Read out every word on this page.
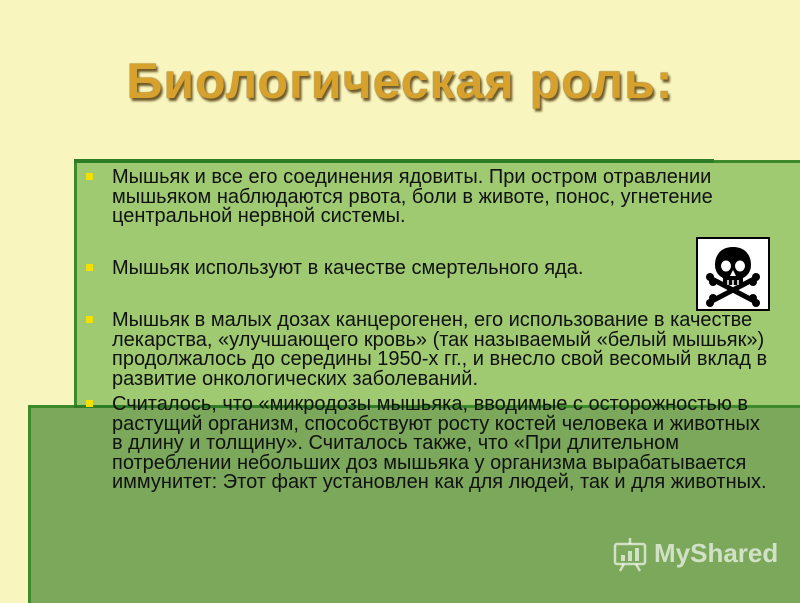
Биологическая роль:
Мышьяк и все его соединения ядовиты. При остром отравлении мышьяком наблюдаются рвота, боли в животе, понос, угнетение центральной нервной системы.
Мышьяк используют в качестве смертельного яда.
Мышьяк в малых дозах канцерогенен, его использование в качестве лекарства, «улучшающего кровь» (так называемый «белый мышьяк») продолжалось до середины 1950-х гг., и внесло свой весомый вклад в развитие онкологических заболеваний.
Считалось, что «микродозы мышьяка, вводимые с осторожностью в растущий организм, способствуют росту костей человека и животных в длину и толщину». Считалось также, что «При длительном потреблении небольших доз мышьяка у организма вырабатывается иммунитет: Этот факт установлен как для людей, так и для животных.
MyShared
